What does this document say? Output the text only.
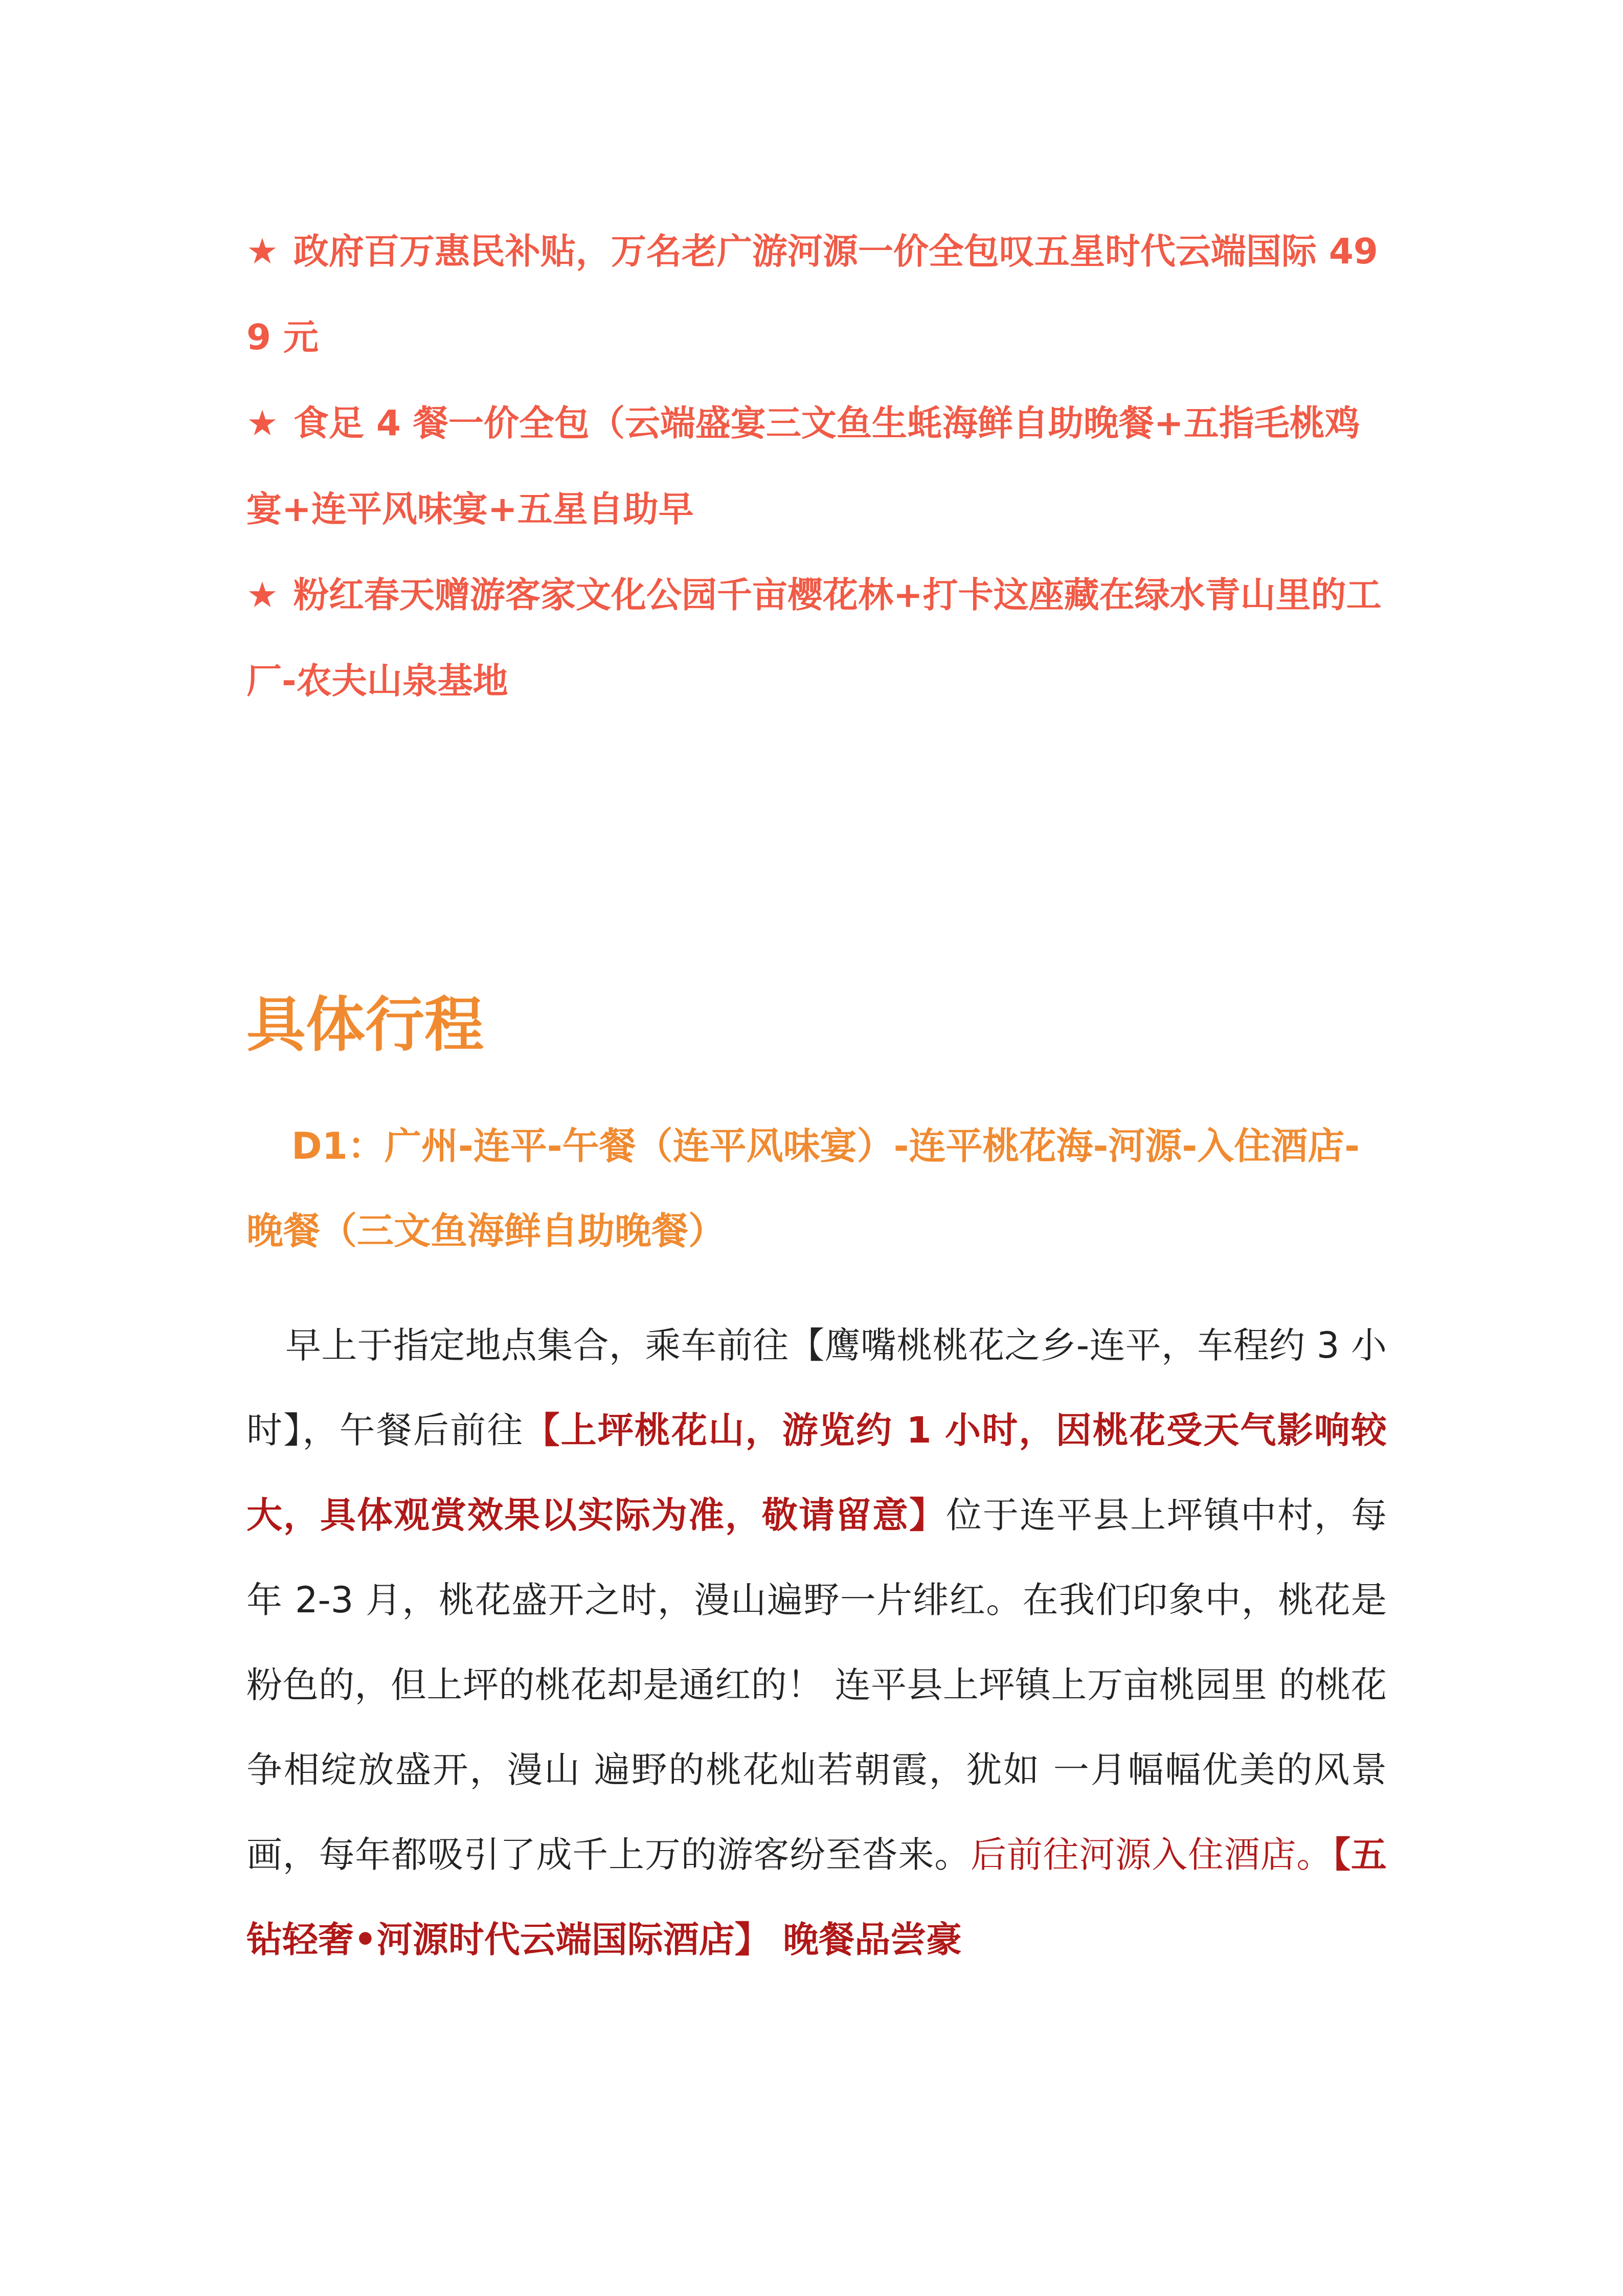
★ 政府百万惠民补贴，万名老广游河源一价全包叹五星时代云端国际 499 元
★ 食足 4 餐一价全包（云端盛宴三文鱼生蚝海鲜自助晚餐+五指毛桃鸡宴+连平风味宴+五星自助早
★ 粉红春天赠游客家文化公园千亩樱花林+打卡这座藏在绿水青山里的工厂-农夫山泉基地
具体行程
D1：广州-连平-午餐（连平风味宴）-连平桃花海-河源-入住酒店-晚餐（三文鱼海鲜自助晚餐）

早上于指定地点集合，乘车前往【鹰嘴桃桃花之乡-连平，车程约 3 小时】，午餐后前往【上坪桃花山，游览约 1 小时，因桃花受天气影响较大，具体观赏效果以实际为准，敬请留意】位于连平县上坪镇中村，每年 2-3 月，桃花盛开之时，漫山遍野一片绯红。在我们印象中，桃花是粉色的，但上坪的桃花却是通红的！ 连平县上坪镇上万亩桃园里 的桃花争相绽放盛开，漫山 遍野的桃花灿若朝霞，犹如 一月幅幅优美的风景画，每年都吸引了成千上万的游客纷至沓来。后前往河源入住酒店。【五钻轻奢•河源时代云端国际酒店】 晚餐品尝豪
